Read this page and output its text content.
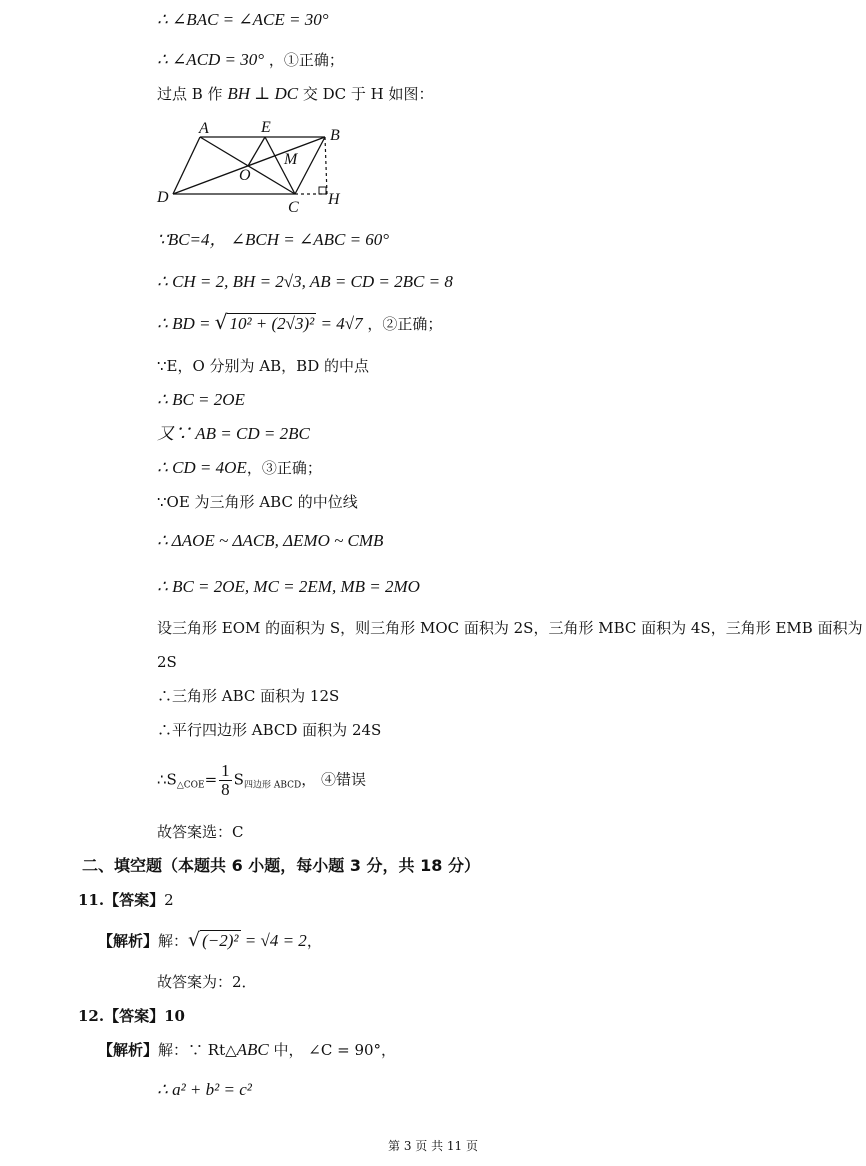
∴ ∠BAC = ∠ACE = 30°
∴ ∠ACD = 30° ，①正确；
过点 B 作 BH ⊥ DC 交 DC 于 H 如图：
A	E	B
M
O
D
C H
∵BC=4， ∠BCH = ∠ABC = 60°
∴ CH = 2, BH = 2√3, AB = CD = 2BC = 8
∴ BD = √ 10² + (2√3)² = 4√7 ，②正确；
∵E，O 分别为 AB，BD 的中点
∴ BC = 2OE
又∵ AB = CD = 2BC
∴ CD = 4OE，③正确；
∵OE 为三角形 ABC 的中位线
∴ ΔAOE ~ ΔACB, ΔEMO ~ CMB
∴ BC = 2OE, MC = 2EM, MB = 2MO
设三角形 EOM 的面积为 S，则三角形 MOC 面积为 2S，三角形 MBC 面积为 4S，三角形 EMB 面积为
2S
∴三角形 ABC 面积为 12S
∴平行四边形 ABCD 面积为 24S
$\therefore S_{\triangle COE}= \frac{1}{8} S_{四边形 ABCD}$， ④错误
故答案选：C
二、填空题（本题共 6 小题，每小题 3 分，共 18 分）
11.【答案】2
【解析】解：√ (−2)² = √4 = 2，
故答案为：2．
12.【答案】10
【解析】解：∵ Rt△ABC 中， ∠C = 90°，
∴ a² + b² = c²
第 3 页 共 11 页
